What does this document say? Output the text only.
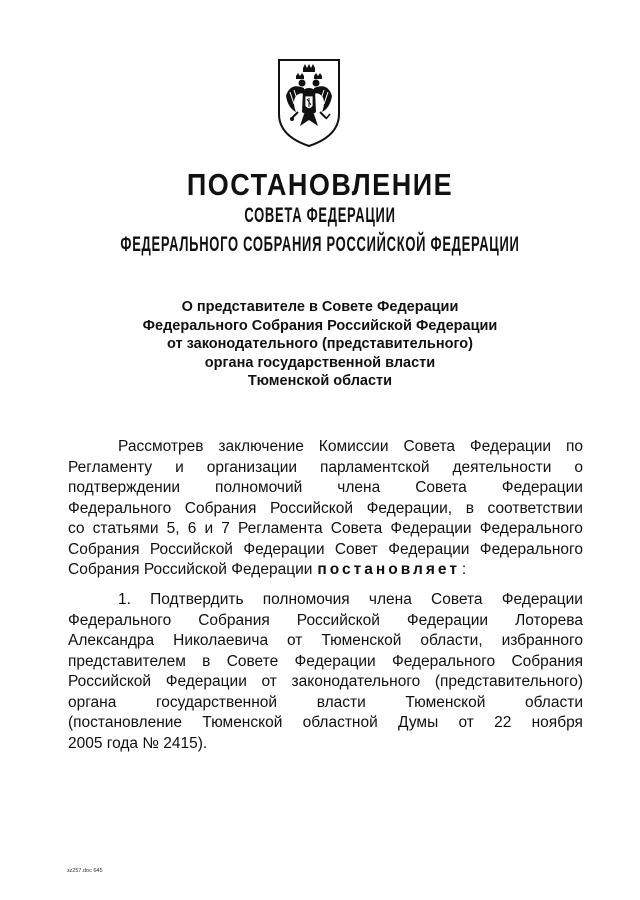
ПОСТАНОВЛЕНИЕ
СОВЕТА ФЕДЕРАЦИИ
ФЕДЕРАЛЬНОГО СОБРАНИЯ РОССИЙСКОЙ ФЕДЕРАЦИИ
О представителе в Совете Федерации
Федерального Собрания Российской Федерации
от законодательного (представительного)
органа государственной власти
Тюменской области
Рассмотрев заключение Комиссии Совета Федерации по
Регламенту и организации парламентской деятельности о
подтверждении полномочий члена Совета Федерации
Федерального Собрания Российской Федерации, в соответствии
со статьями 5, 6 и 7 Регламента Совета Федерации Федерального
Собрания Российской Федерации Совет Федерации Федерального
Собрания Российской Федерации постановляет :
1. Подтвердить полномочия члена Совета Федерации
Федерального Собрания Российской Федерации Лоторева
Александра Николаевича от Тюменской области, избранного
представителем в Совете Федерации Федерального Собрания
Российской Федерации от законодательного (представительного)
органа	государственной	власти	Тюменской	области
(постановление Тюменской областной Думы от 22 ноября
2005 года № 2415).
зz257.doc 645
